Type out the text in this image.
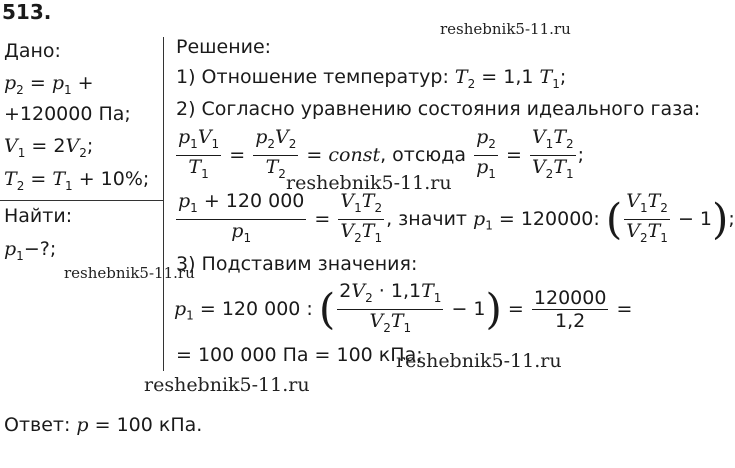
513.
reshebnik5-11.ru
Дано:
$p_2 = p_1$ +
+120000 Па;
$V_1 = 2V_2$;
$T_2 = T_1 + 10\%$;
Найти:
$p_1-$?;
reshebnik5-11.ru
Решение:
1) Отношение температур: $T_2 = 1,1$ $T_1$;
2) Согласно уравнению состояния идеального газа:
$\frac{p_1V_1}{T_1} = \frac{p_2V_2}{T_2}$ = const, отсюда $\frac{p_2}{p_1} = \frac{V_1T_2}{V_2T_1}$ ;
reshebnik5-11.ru
$\frac{p_1 + 120 000}{p_1} = \frac{V_1T_2}{V_2T_1}$ , значит $p_1 = 120000$: ( $\frac{V_1T_2}{V_2T_1} - 1$);
3) Подставим значения:
$p_1 = 120$ 000 : ( $\frac{2V_2 \cdot 1,1T_1}{V_2T_1} - 1) = \frac{120000}{1,2}$ =
= 100 000 Па = 100 кПа;
reshebnik5-11.ru
reshebnik5-11.ru
Ответ: p = 100 кПа.
